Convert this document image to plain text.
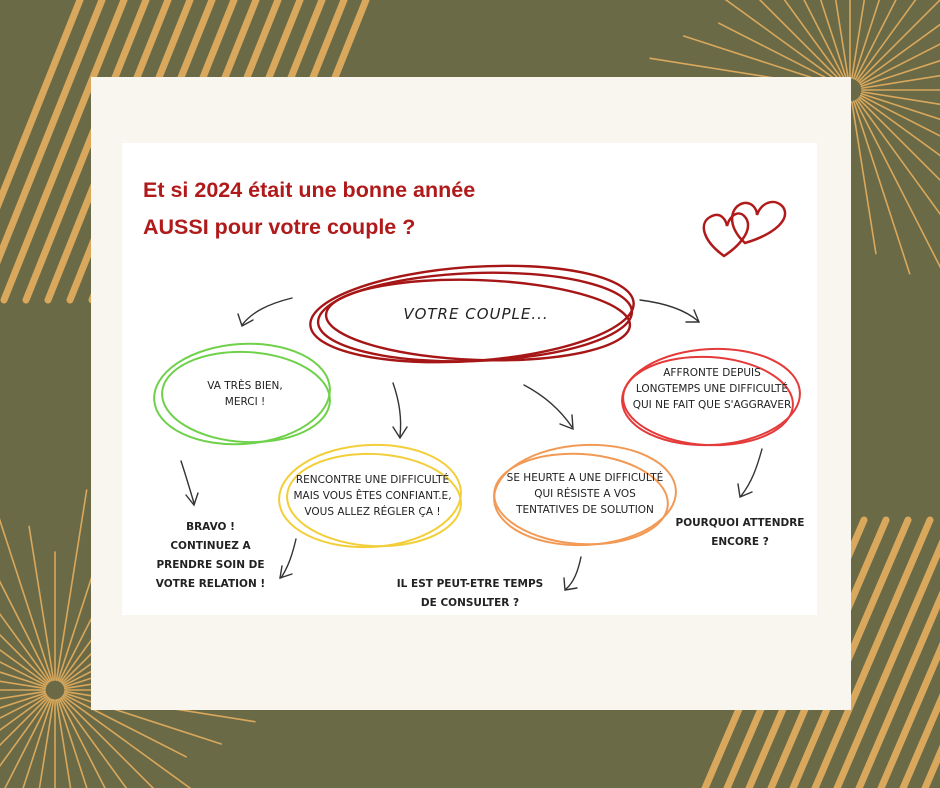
Et si 2024 était une bonne année
AUSSI pour votre couple ?
VOTRE COUPLE...
VA TRÈS BIEN,
MERCI !
RENCONTRE UNE DIFFICULTÉ
MAIS VOUS ÊTES CONFIANT.E,
VOUS ALLEZ RÉGLER ÇA !
SE HEURTE A UNE DIFFICULTÉ
QUI RÉSISTE A VOS
TENTATIVES DE SOLUTION
AFFRONTE DEPUIS
LONGTEMPS UNE DIFFICULTÉ
QUI NE FAIT QUE S'AGGRAVER
BRAVO !
CONTINUEZ A
PRENDRE SOIN DE
VOTRE RELATION !	IL EST PEUT-ETRE TEMPS
DE CONSULTER ?
POURQUOI ATTENDRE
ENCORE ?
